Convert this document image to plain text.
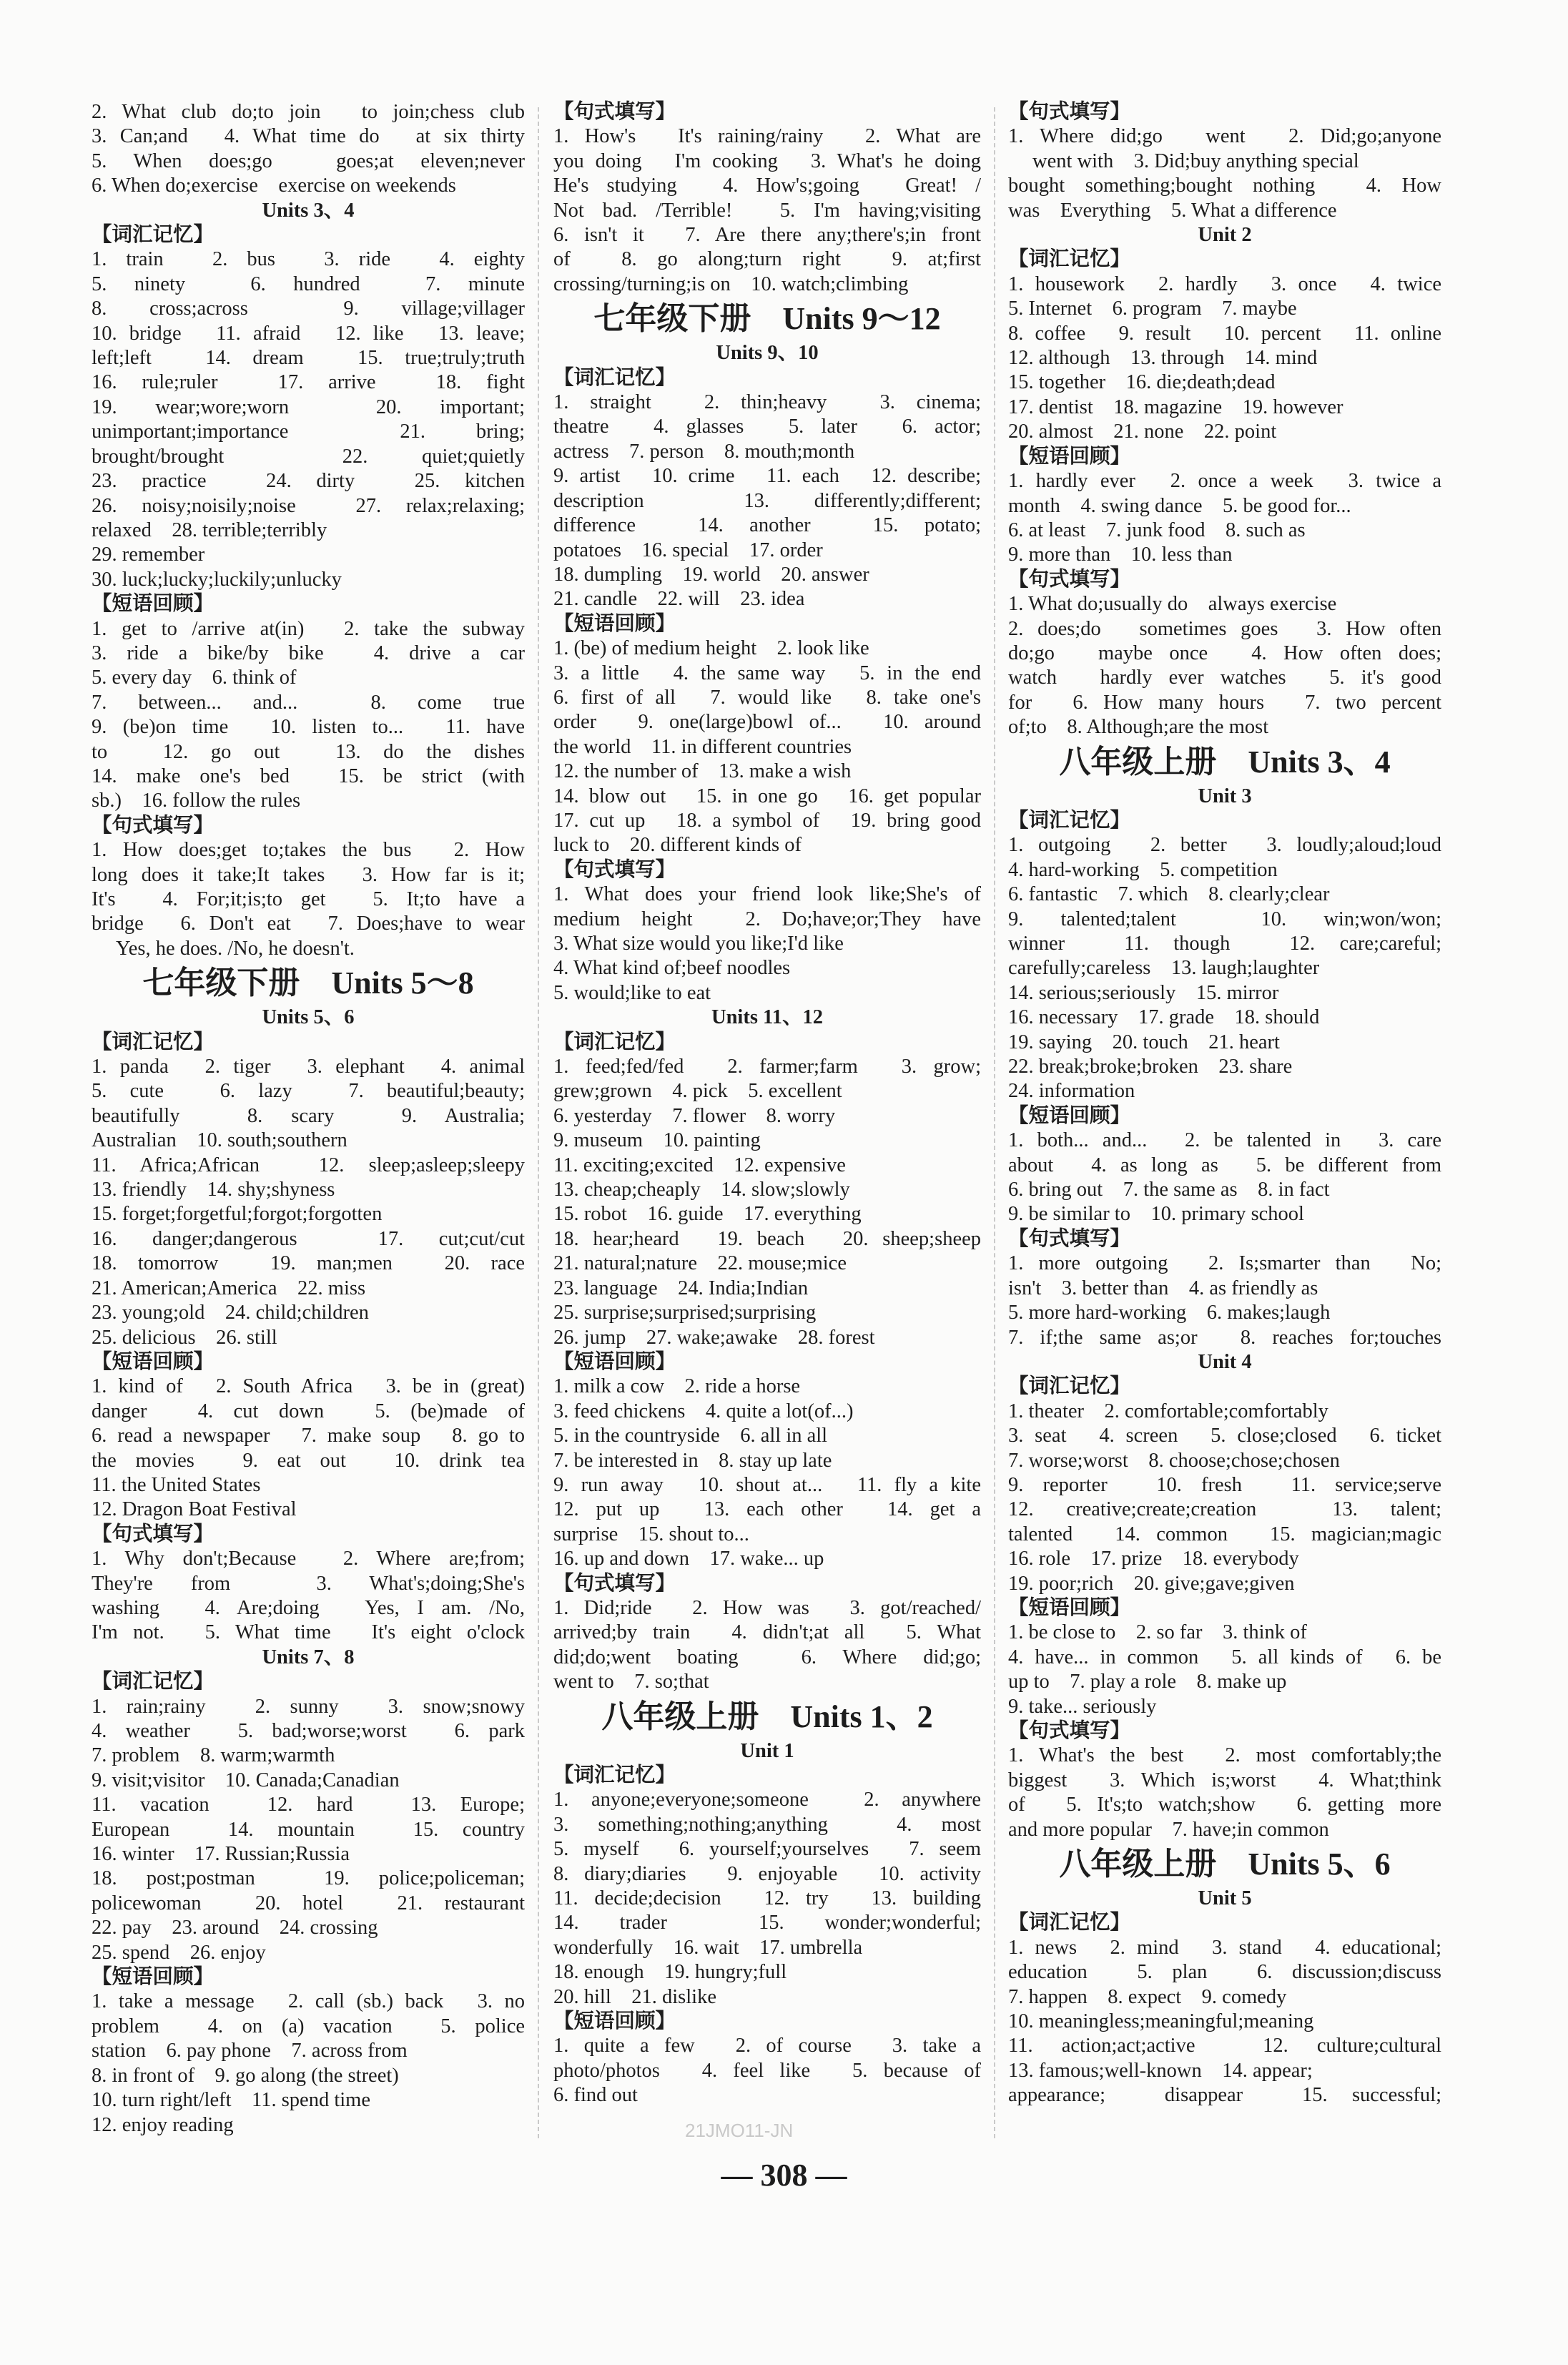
2. What club do;to join　to join;chess club
3. Can;and　4. What time do　at six thirty
5. When does;go　goes;at eleven;never
6. When do;exercise　exercise on weekends
Units 3、4
【词汇记忆】
1. train　2. bus　3. ride　4. eighty
5. ninety　6. hundred　7. minute
8. cross;across　9. village;villager
10. bridge　11. afraid　12. like　13. leave;
left;left　14. dream　15. true;truly;truth
16. rule;ruler　17. arrive　18. fight
19. wear;wore;worn　20. important;
unimportant;importance　21. bring;
brought/brought　22. quiet;quietly
23. practice　24. dirty　25. kitchen
26. noisy;noisily;noise　27. relax;relaxing;
relaxed　28. terrible;terribly
29. remember
30. luck;lucky;luckily;unlucky
【短语回顾】
1. get to /arrive at(in)　2. take the subway
3. ride a bike/by bike　4. drive a car
5. every day　6. think of
7. between... and...　8. come true
9. (be)on time　10. listen to...　11. have
to　12. go out　13. do the dishes
14. make one's bed　15. be strict (with
sb.)　16. follow the rules
【句式填写】
1. How does;get to;takes the bus　2. How
long does it take;It takes　3. How far is it;
It's　4. For;it;is;to get　5. It;to have a
bridge　6. Don't eat　7. Does;have to wear
Yes, he does. /No, he doesn't.
七年级下册　Units 5～8
Units 5、6
【词汇记忆】
1. panda　2. tiger　3. elephant　4. animal
5. cute　6. lazy　7. beautiful;beauty;
beautifully　8. scary　9. Australia;
Australian　10. south;southern
11. Africa;African　12. sleep;asleep;sleepy
13. friendly　14. shy;shyness
15. forget;forgetful;forgot;forgotten
16. danger;dangerous　17. cut;cut/cut
18. tomorrow　19. man;men　20. race
21. American;America　22. miss
23. young;old　24. child;children
25. delicious　26. still
【短语回顾】
1. kind of　2. South Africa　3. be in (great)
danger　4. cut down　5. (be)made of
6. read a newspaper　7. make soup　8. go to
the movies　9. eat out　10. drink tea
11. the United States
12. Dragon Boat Festival
【句式填写】
1. Why don't;Because　2. Where are;from;
They're from　3. What's;doing;She's
washing　4. Are;doing　Yes, I am. /No,
I'm not.　5. What time　It's eight o'clock
Units 7、8
【词汇记忆】
1. rain;rainy　2. sunny　3. snow;snowy
4. weather　5. bad;worse;worst　6. park
7. problem　8. warm;warmth
9. visit;visitor　10. Canada;Canadian
11. vacation　12. hard　13. Europe;
European　14. mountain　15. country
16. winter　17. Russian;Russia
18. post;postman　19. police;policeman;
policewoman　20. hotel　21. restaurant
22. pay　23. around　24. crossing
25. spend　26. enjoy
【短语回顾】
1. take a message　2. call (sb.) back　3. no
problem　4. on (a) vacation　5. police
station　6. pay phone　7. across from
8. in front of　9. go along (the street)
10. turn right/left　11. spend time
12. enjoy reading
【句式填写】
1. How's　It's raining/rainy　2. What are
you doing　I'm cooking　3. What's he doing
He's studying　4. How's;going　Great! /
Not bad. /Terrible!　5. I'm having;visiting
6. isn't it　7. Are there any;there's;in front
of　8. go along;turn right　9. at;first
crossing/turning;is on　10. watch;climbing
七年级下册　Units 9～12
Units 9、10
【词汇记忆】
1. straight　2. thin;heavy　3. cinema;
theatre　4. glasses　5. later　6. actor;
actress　7. person　8. mouth;month
9. artist　10. crime　11. each　12. describe;
description　13. differently;different;
difference　14. another　15. potato;
potatoes　16. special　17. order
18. dumpling　19. world　20. answer
21. candle　22. will　23. idea
【短语回顾】
1. (be) of medium height　2. look like
3. a little　4. the same way　5. in the end
6. first of all　7. would like　8. take one's
order　9. one(large)bowl of...　10. around
the world　11. in different countries
12. the number of　13. make a wish
14. blow out　15. in one go　16. get popular
17. cut up　18. a symbol of　19. bring good
luck to　20. different kinds of
【句式填写】
1. What does your friend look like;She's of
medium height　2. Do;have;or;They have
3. What size would you like;I'd like
4. What kind of;beef noodles
5. would;like to eat
Units 11、12
【词汇记忆】
1. feed;fed/fed　2. farmer;farm　3. grow;
grew;grown　4. pick　5. excellent
6. yesterday　7. flower　8. worry
9. museum　10. painting
11. exciting;excited　12. expensive
13. cheap;cheaply　14. slow;slowly
15. robot　16. guide　17. everything
18. hear;heard　19. beach　20. sheep;sheep
21. natural;nature　22. mouse;mice
23. language　24. India;Indian
25. surprise;surprised;surprising
26. jump　27. wake;awake　28. forest
【短语回顾】
1. milk a cow　2. ride a horse
3. feed chickens　4. quite a lot(of...)
5. in the countryside　6. all in all
7. be interested in　8. stay up late
9. run away　10. shout at...　11. fly a kite
12. put up　13. each other　14. get a
surprise　15. shout to...
16. up and down　17. wake... up
【句式填写】
1. Did;ride　2. How was　3. got/reached/
arrived;by train　4. didn't;at all　5. What
did;do;went boating　6. Where did;go;
went to　7. so;that
八年级上册　Units 1、2
Unit 1
【词汇记忆】
1. anyone;everyone;someone　2. anywhere
3. something;nothing;anything　4. most
5. myself　6. yourself;yourselves　7. seem
8. diary;diaries　9. enjoyable　10. activity
11. decide;decision　12. try　13. building
14. trader　15. wonder;wonderful;
wonderfully　16. wait　17. umbrella
18. enough　19. hungry;full
20. hill　21. dislike
【短语回顾】
1. quite a few　2. of course　3. take a
photo/photos　4. feel like　5. because of
6. find out
【句式填写】
1. Where did;go　went　2. Did;go;anyone
went with　3. Did;buy anything special
bought something;bought nothing　4. How
was　Everything　5. What a difference
Unit 2
【词汇记忆】
1. housework　2. hardly　3. once　4. twice
5. Internet　6. program　7. maybe
8. coffee　9. result　10. percent　11. online
12. although　13. through　14. mind
15. together　16. die;death;dead
17. dentist　18. magazine　19. however
20. almost　21. none　22. point
【短语回顾】
1. hardly ever　2. once a week　3. twice a
month　4. swing dance　5. be good for...
6. at least　7. junk food　8. such as
9. more than　10. less than
【句式填写】
1. What do;usually do　always exercise
2. does;do　sometimes goes　3. How often
do;go　maybe once　4. How often does;
watch　hardly ever watches　5. it's good
for　6. How many hours　7. two percent
of;to　8. Although;are the most
八年级上册　Units 3、4
Unit 3
【词汇记忆】
1. outgoing　2. better　3. loudly;aloud;loud
4. hard-working　5. competition
6. fantastic　7. which　8. clearly;clear
9. talented;talent　10. win;won/won;
winner　11. though　12. care;careful;
carefully;careless　13. laugh;laughter
14. serious;seriously　15. mirror
16. necessary　17. grade　18. should
19. saying　20. touch　21. heart
22. break;broke;broken　23. share
24. information
【短语回顾】
1. both... and...　2. be talented in　3. care
about　4. as long as　5. be different from
6. bring out　7. the same as　8. in fact
9. be similar to　10. primary school
【句式填写】
1. more outgoing　2. Is;smarter than　No;
isn't　3. better than　4. as friendly as
5. more hard-working　6. makes;laugh
7. if;the same as;or　8. reaches for;touches
Unit 4
【词汇记忆】
1. theater　2. comfortable;comfortably
3. seat　4. screen　5. close;closed　6. ticket
7. worse;worst　8. choose;chose;chosen
9. reporter　10. fresh　11. service;serve
12. creative;create;creation　13. talent;
talented　14. common　15. magician;magic
16. role　17. prize　18. everybody
19. poor;rich　20. give;gave;given
【短语回顾】
1. be close to　2. so far　3. think of
4. have... in common　5. all kinds of　6. be
up to　7. play a role　8. make up
9. take... seriously
【句式填写】
1. What's the best　2. most comfortably;the
biggest　3. Which is;worst　4. What;think
of　5. It's;to watch;show　6. getting more
and more popular　7. have;in common
八年级上册　Units 5、6
Unit 5
【词汇记忆】
1. news　2. mind　3. stand　4. educational;
education　5. plan　6. discussion;discuss
7. happen　8. expect　9. comedy
10. meaningless;meaningful;meaning
11. action;act;active　12. culture;cultural
13. famous;well-known　14. appear;
appearance;　disappear　15. successful;
21JMO11-JN
— 308 —
